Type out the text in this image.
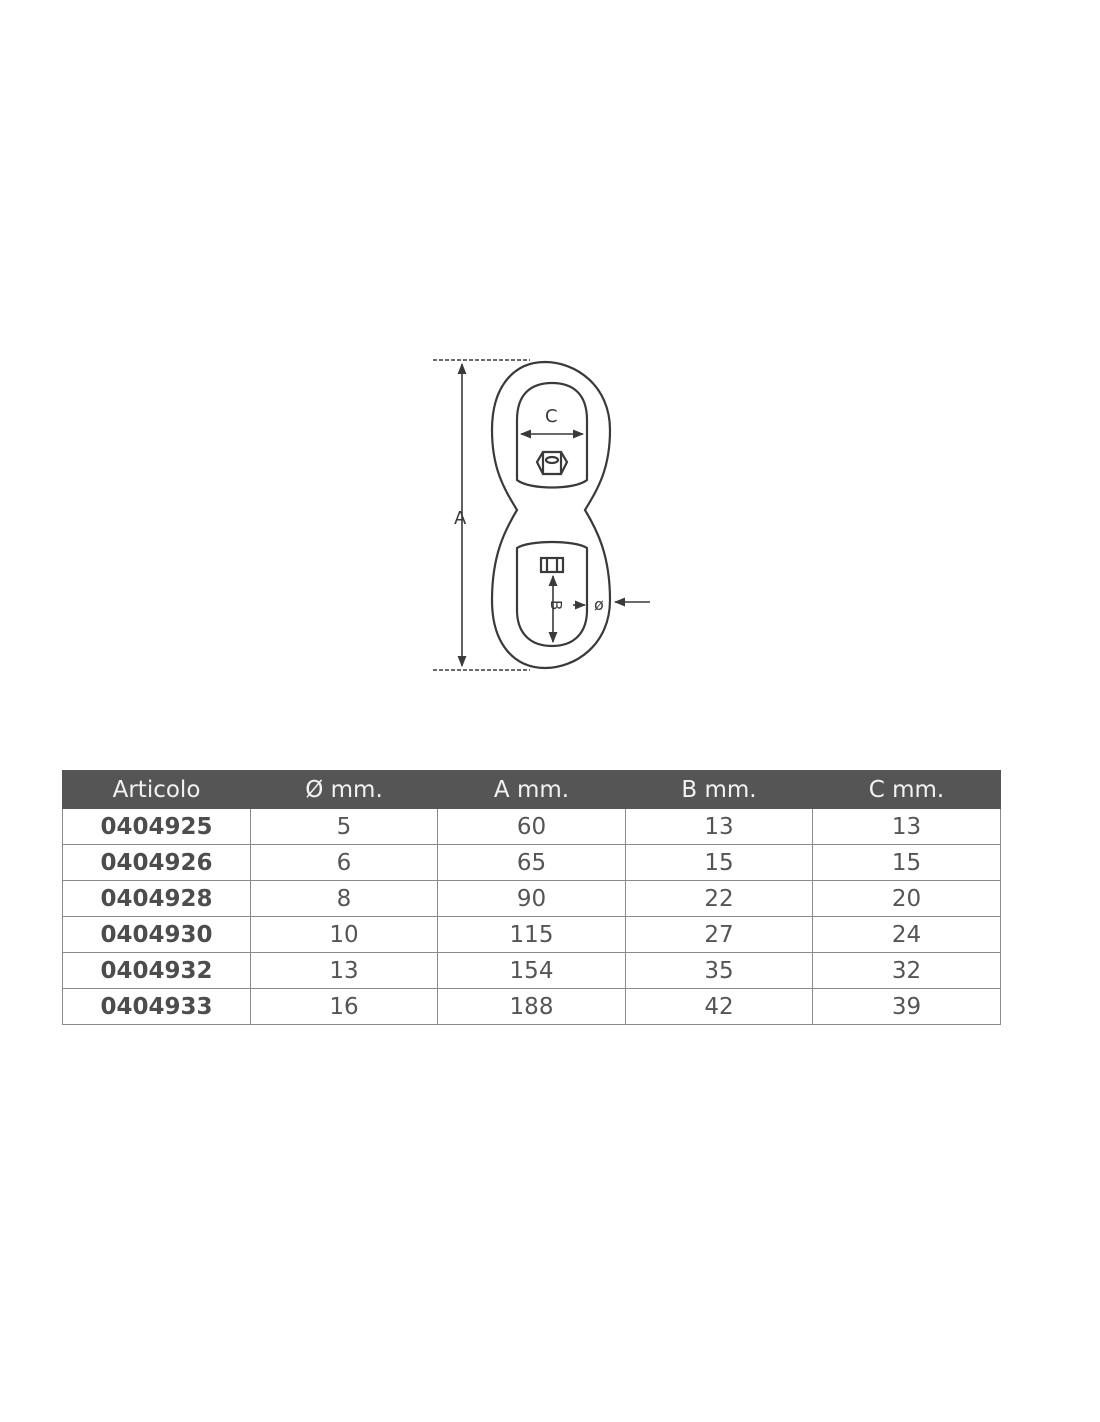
A
C
B ø
Articolo	Ø mm.	A mm.	B mm.	C mm.
0404925	5	60	13	13
0404926	6	65	15	15
0404928	8	90	22	20
0404930	10	115	27	24
0404932	13	154	35	32
0404933	16	188	42	39
